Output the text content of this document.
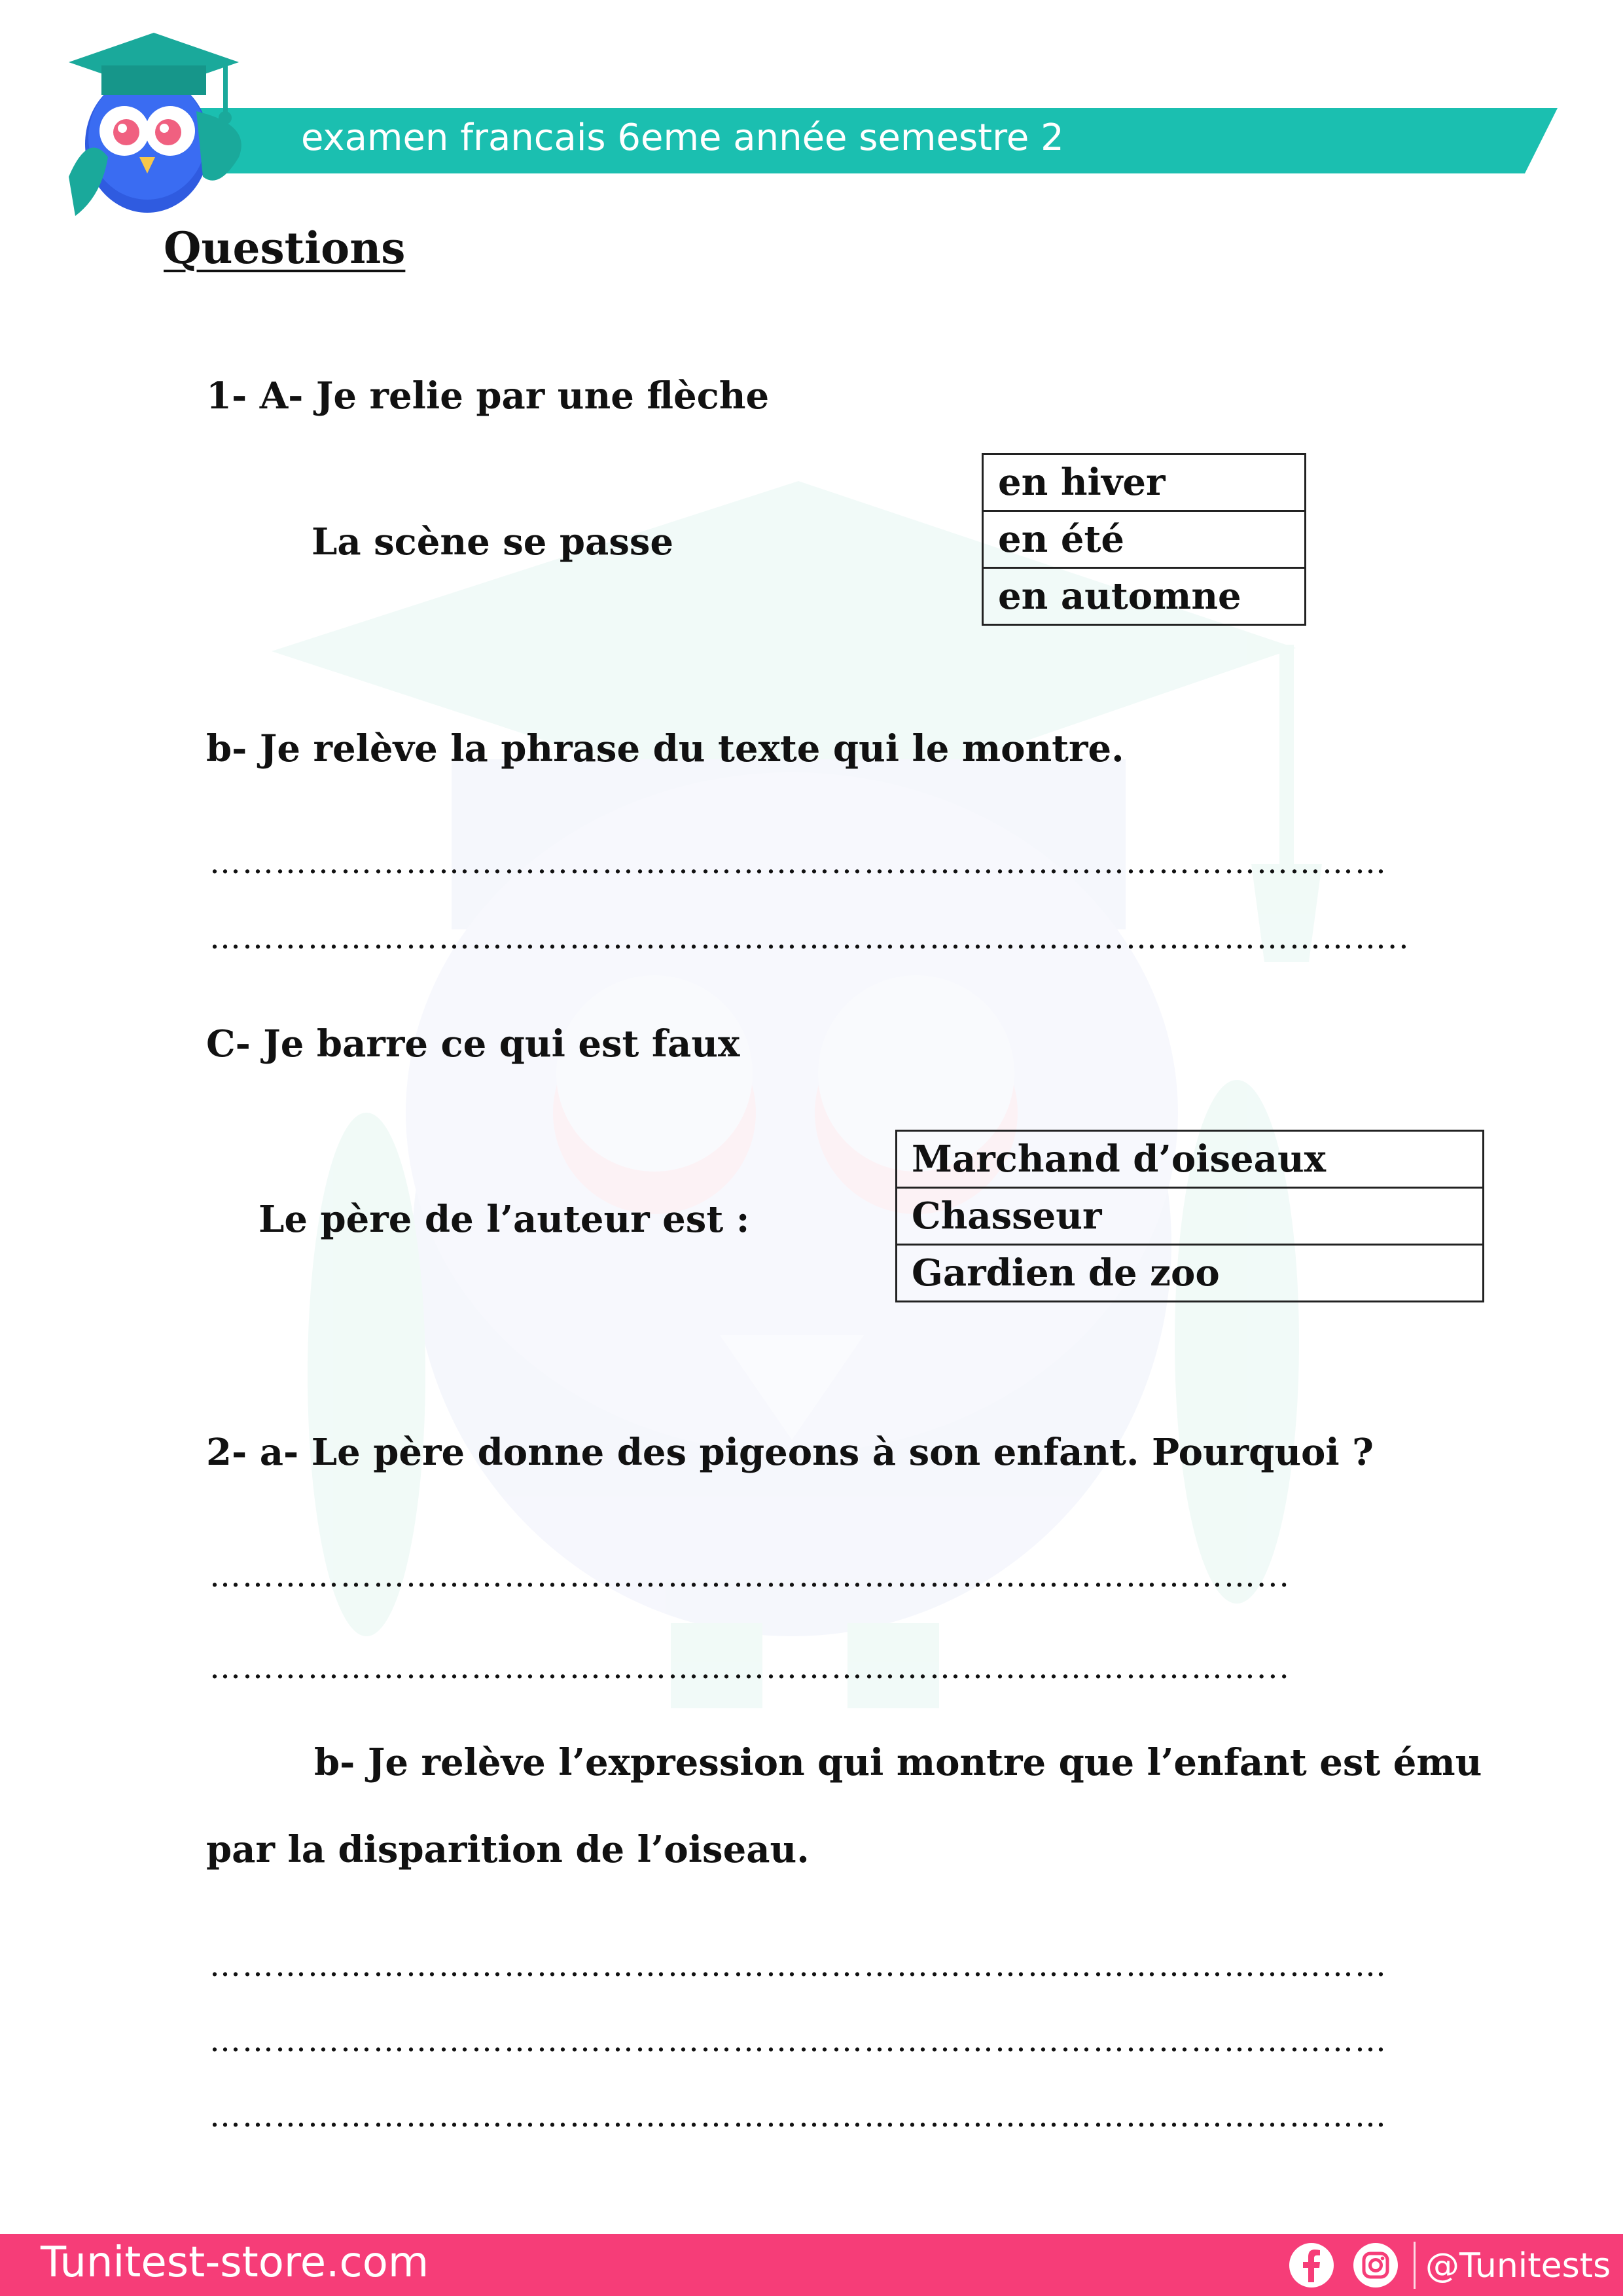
examen francais 6eme année semestre 2
Questions
1- A- Je relie par une flèche
La scène se passe
en hiver
en été
en automne
b- Je relève la phrase du texte qui le montre.
………………………………………………………………………………………………
………………………………………………………………………………………………..
C- Je barre ce qui est faux
Le père de l’auteur est :
Marchand d’oiseaux
Chasseur
Gardien de zoo
2- a- Le père donne des pigeons à son enfant. Pourquoi ?
……………………………………………………………………………………...
……………………………………………………………………………………...
b- Je relève l’expression qui montre que l’enfant est ému
par la disparition de l’oiseau.
………………………………………………………………………………………………
………………………………………………………………………………………………
………………………………………………………………………………………………
Tunitest-store.com	@Tunitests
